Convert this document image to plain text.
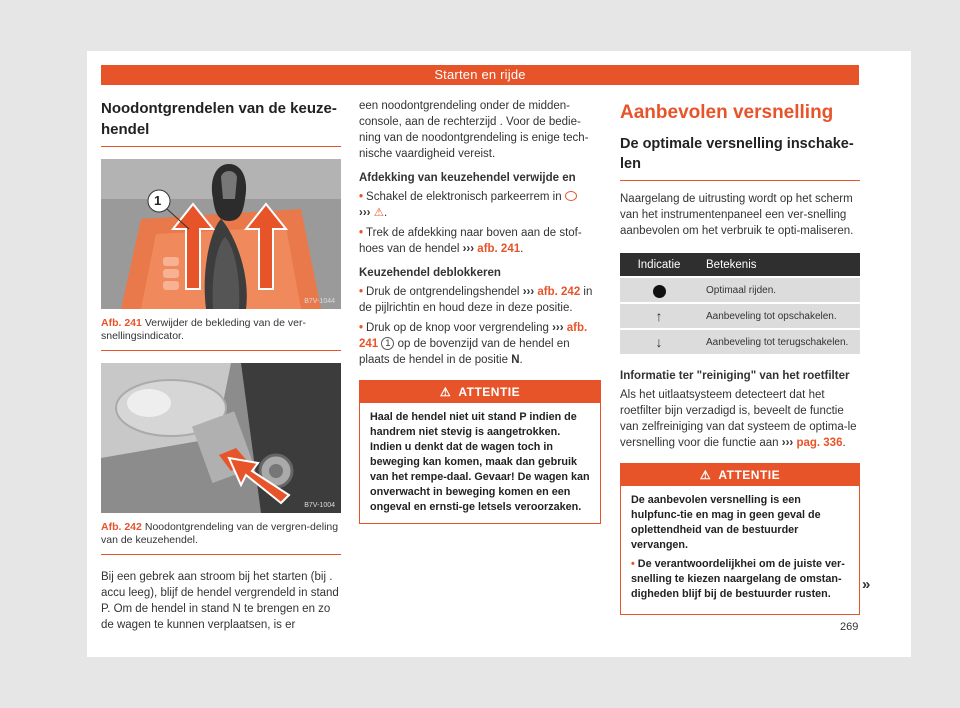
Starten en rijde
Noodontgrendelen van de keuze-hendel
1
B7V-1044
Afb. 241 Verwijder de bekleding van de ver-snellingsindicator.
B7V-1004
Afb. 242 Noodontgrendeling van de vergren-deling van de keuzehendel.

Bij een gebrek aan stroom bij het starten (bij . accu leeg), blijf de hendel vergrendeld in stand P. Om de hendel in stand N te brengen en zo de wagen te kunnen verplaatsen, is er

een noodontgrendeling onder de midden-console, aan de rechterzijd . Voor de bedie-ning van de noodontgrendeling is enige tech-nische vaardigheid vereist.

Afdekking van keuzehendel verwijde en

• Schakel de elektronisch parkeerrem in
››› ⚠.

• Trek de afdekking naar boven aan de stof-hoes van de hendel ››› afb. 241.

Keuzehendel deblokkeren

• Druk de ontgrendelingshendel ››› afb. 242 in de pijlrichtin en houd deze in deze positie.

• Druk op de knop voor vergrendeling ››› afb. 241 1 op de bovenzijd van de hendel en plaats de hendel in de positie N.

⚠ ATTENTIE
Haal de hendel niet uit stand P indien de handrem niet stevig is aangetrokken. Indien u denkt dat de wagen toch in beweging kan komen, maak dan gebruik van het rempe-daal. Gevaar! De wagen kan onverwacht in beweging komen en een ongeval en ernsti-ge letsels veroorzaken.
Aanbevolen versnelling
De optimale versnelling inschake-len

Naargelang de uitrusting wordt op het scherm van het instrumentenpaneel een ver-snelling aanbevolen om het verbruik te opti-maliseren.

Indicatie	Betekenis
	Optimaal rijden.
↑	Aanbeveling tot opschakelen.
↓	Aanbeveling tot terugschakelen.
Informatie ter "reiniging" van het roetfilter

Als het uitlaatsysteem detecteert dat het roetfilter bijn verzadigd is, beveelt de functie van zelfreiniging van dat systeem de optima-le versnelling voor die functie aan ››› pag. 336.

⚠ ATTENTIE

De aanbevolen versnelling is een hulpfunc-tie en mag in geen geval de oplettendheid van de bestuurder vervangen.

• De verantwoordelijkhei om de juiste ver-snelling te kiezen naargelang de omstan-digheden blijf bij de bestuurder rusten.

»
269
